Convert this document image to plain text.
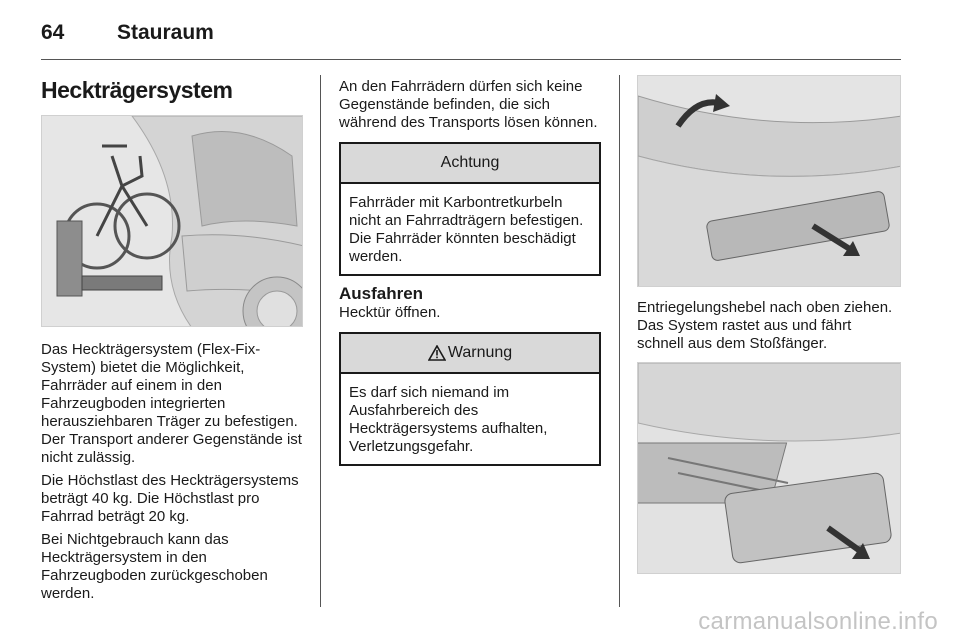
64	Stauraum
Heckträgersystem

Das Heckträgersystem (Flex-Fix-System) bietet die Möglichkeit, Fahrräder auf einem in den Fahrzeugboden integrierten herausziehbaren Träger zu befestigen. Der Transport anderer Gegenstände ist nicht zulässig.

Die Höchstlast des Heckträgersystems beträgt 40 kg. Die Höchstlast pro Fahrrad beträgt 20 kg.

Bei Nichtgebrauch kann das Heckträgersystem in den Fahrzeugboden zurückgeschoben werden.

An den Fahrrädern dürfen sich keine Gegenstände befinden, die sich während des Transports lösen können.

Achtung
Fahrräder mit Karbontretkurbeln nicht an Fahrradträgern befestigen. Die Fahrräder könnten beschädigt werden.
Ausfahren

Hecktür öffnen.

Warnung
Es darf sich niemand im Ausfahrbereich des Heckträgersystems aufhalten, Verletzungsgefahr.

Entriegelungshebel nach oben ziehen. Das System rastet aus und fährt schnell aus dem Stoßfänger.

carmanualsonline.info
